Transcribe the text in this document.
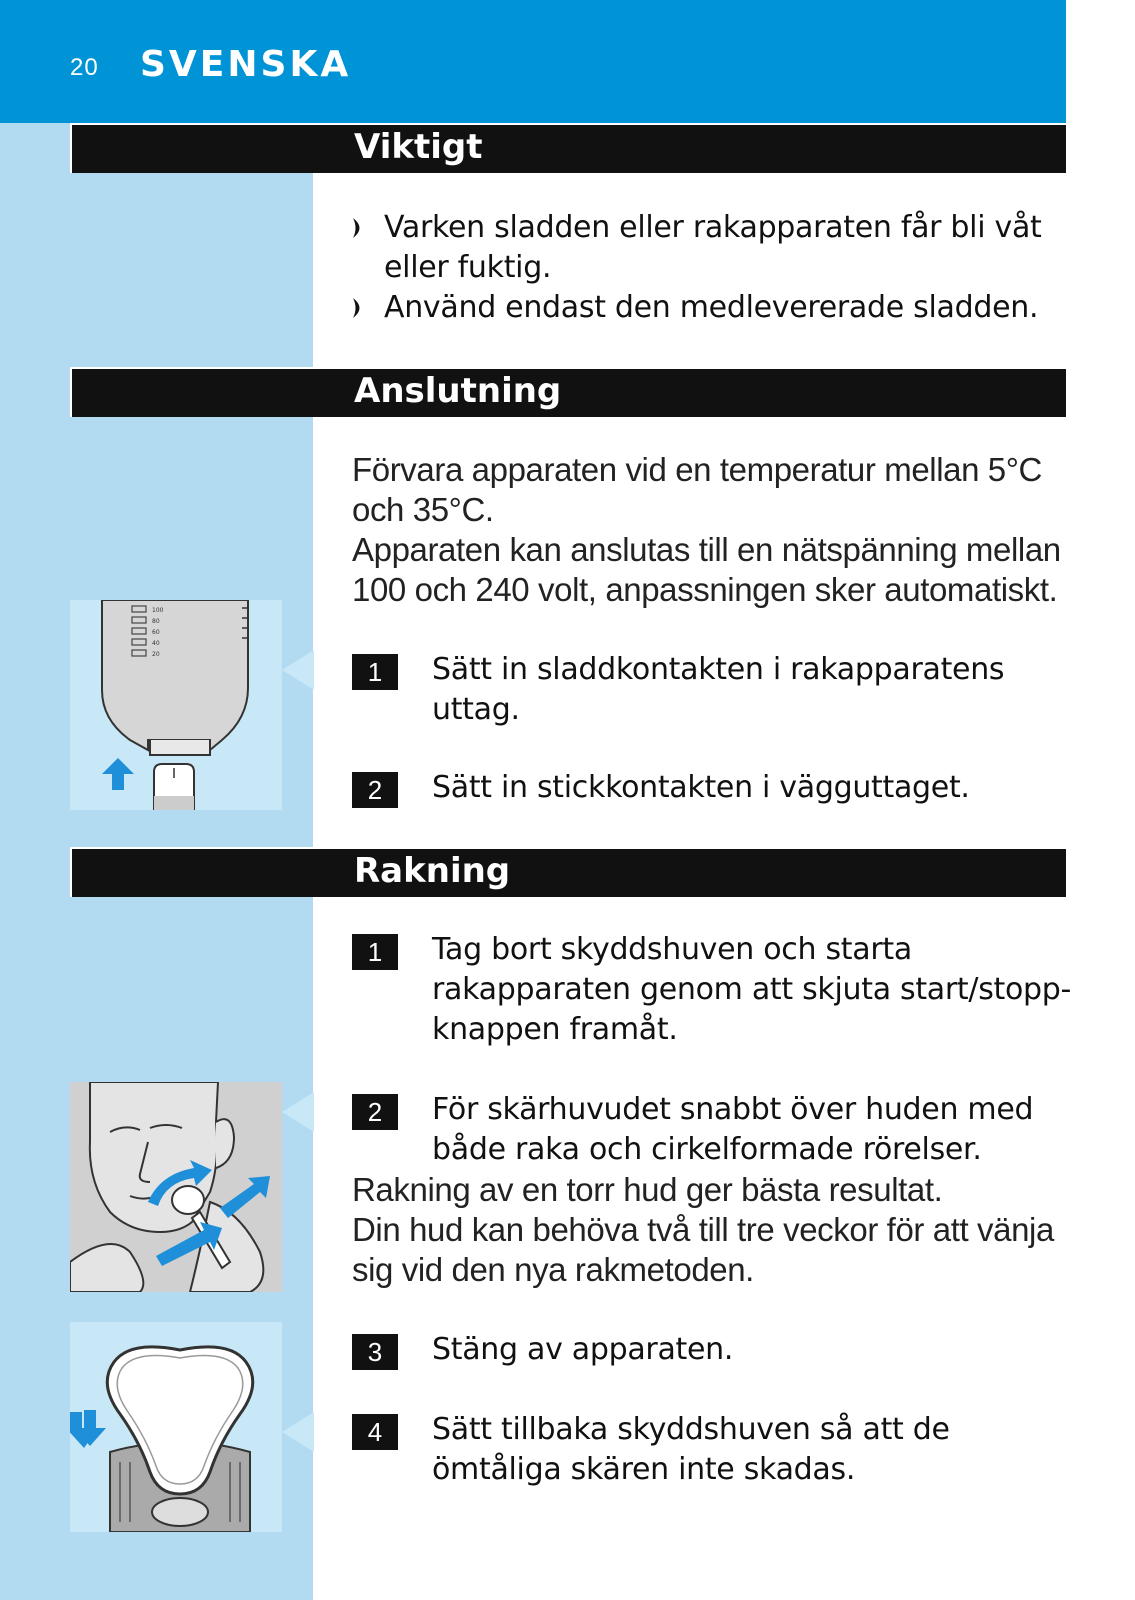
20 SVENSKA
Viktigt
Varken sladden eller rakapparaten får bli våt eller fuktig.
Använd endast den medlevererade sladden.
Anslutning
Förvara apparaten vid en temperatur mellan 5°C och 35°C.
Apparaten kan anslutas till en nätspänning mellan 100 och 240 volt, anpassningen sker automatiskt.
100
80
60
40
20
1	Sätt in sladdkontakten i rakapparatens uttag.
2	Sätt in stickkontakten i vägguttaget.
Rakning
1	Tag bort skyddshuven och starta rakapparaten genom att skjuta start/stopp-knappen framåt.
2	För skärhuvudet snabbt över huden med både raka och cirkelformade rörelser.
Rakning av en torr hud ger bästa resultat.
Din hud kan behöva två till tre veckor för att vänja sig vid den nya rakmetoden.
3	Stäng av apparaten.
4	Sätt tillbaka skyddshuven så att de ömtåliga skären inte skadas.
